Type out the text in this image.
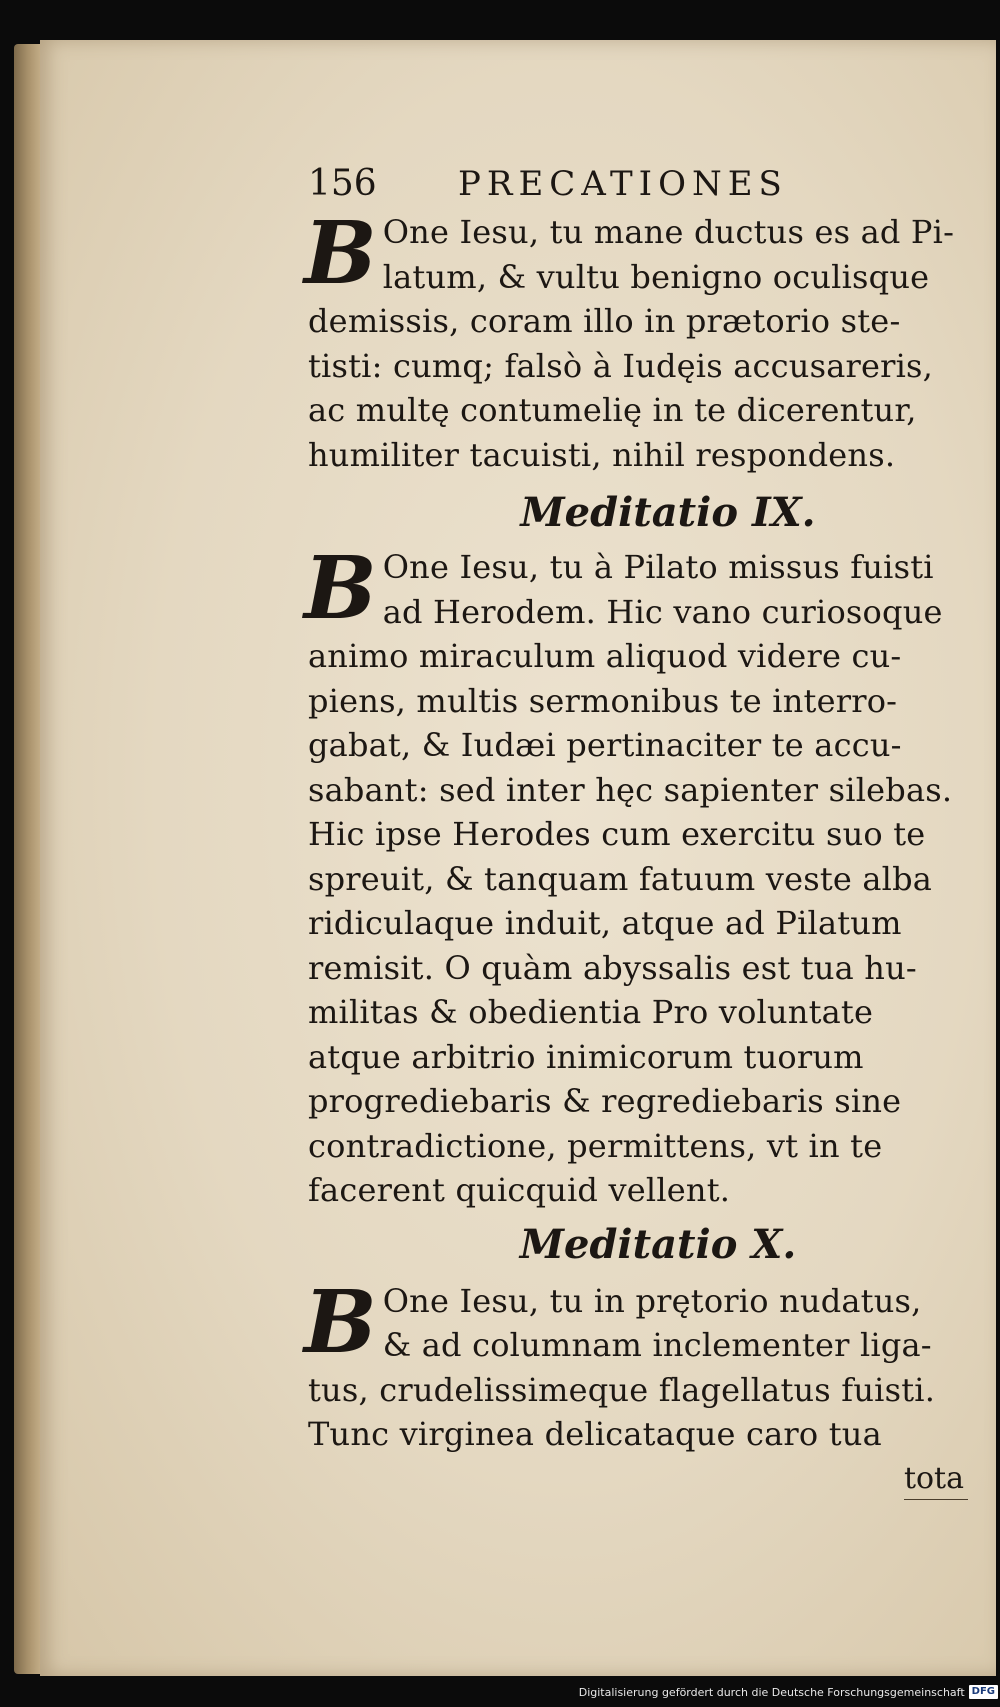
156 PRECATIONES
B One Iesu, tu mane ductus es ad Pi-
latum, & vultu benigno oculisque
demissis, coram illo in prætorio ste-
tisti: cumq; falsò à Iudęis accusareris,
ac multę contumelię in te dicerentur,
humiliter tacuisti, nihil respondens.
Meditatio IX.
B One Iesu, tu à Pilato missus fuisti
ad Herodem. Hic vano curiosoque
animo miraculum aliquod videre cu-
piens, multis sermonibus te interro-
gabat, & Iudæi pertinaciter te accu-
sabant: sed inter hęc sapienter silebas.
Hic ipse Herodes cum exercitu suo te
spreuit, & tanquam fatuum veste alba
ridiculaque induit, atque ad Pilatum
remisit. O quàm abyssalis est tua hu-
militas & obedientia Pro voluntate
atque arbitrio inimicorum tuorum
progrediebaris & regrediebaris sine
contradictione, permittens, vt in te
facerent quicquid vellent.
Meditatio X.
B One Iesu, tu in prętorio nudatus,
& ad columnam inclementer liga-
tus, crudelissimeque flagellatus fuisti.
Tunc virginea delicataque caro tua
tota
Digitalisierung gefördert durch die Deutsche Forschungsgemeinschaft DFG
